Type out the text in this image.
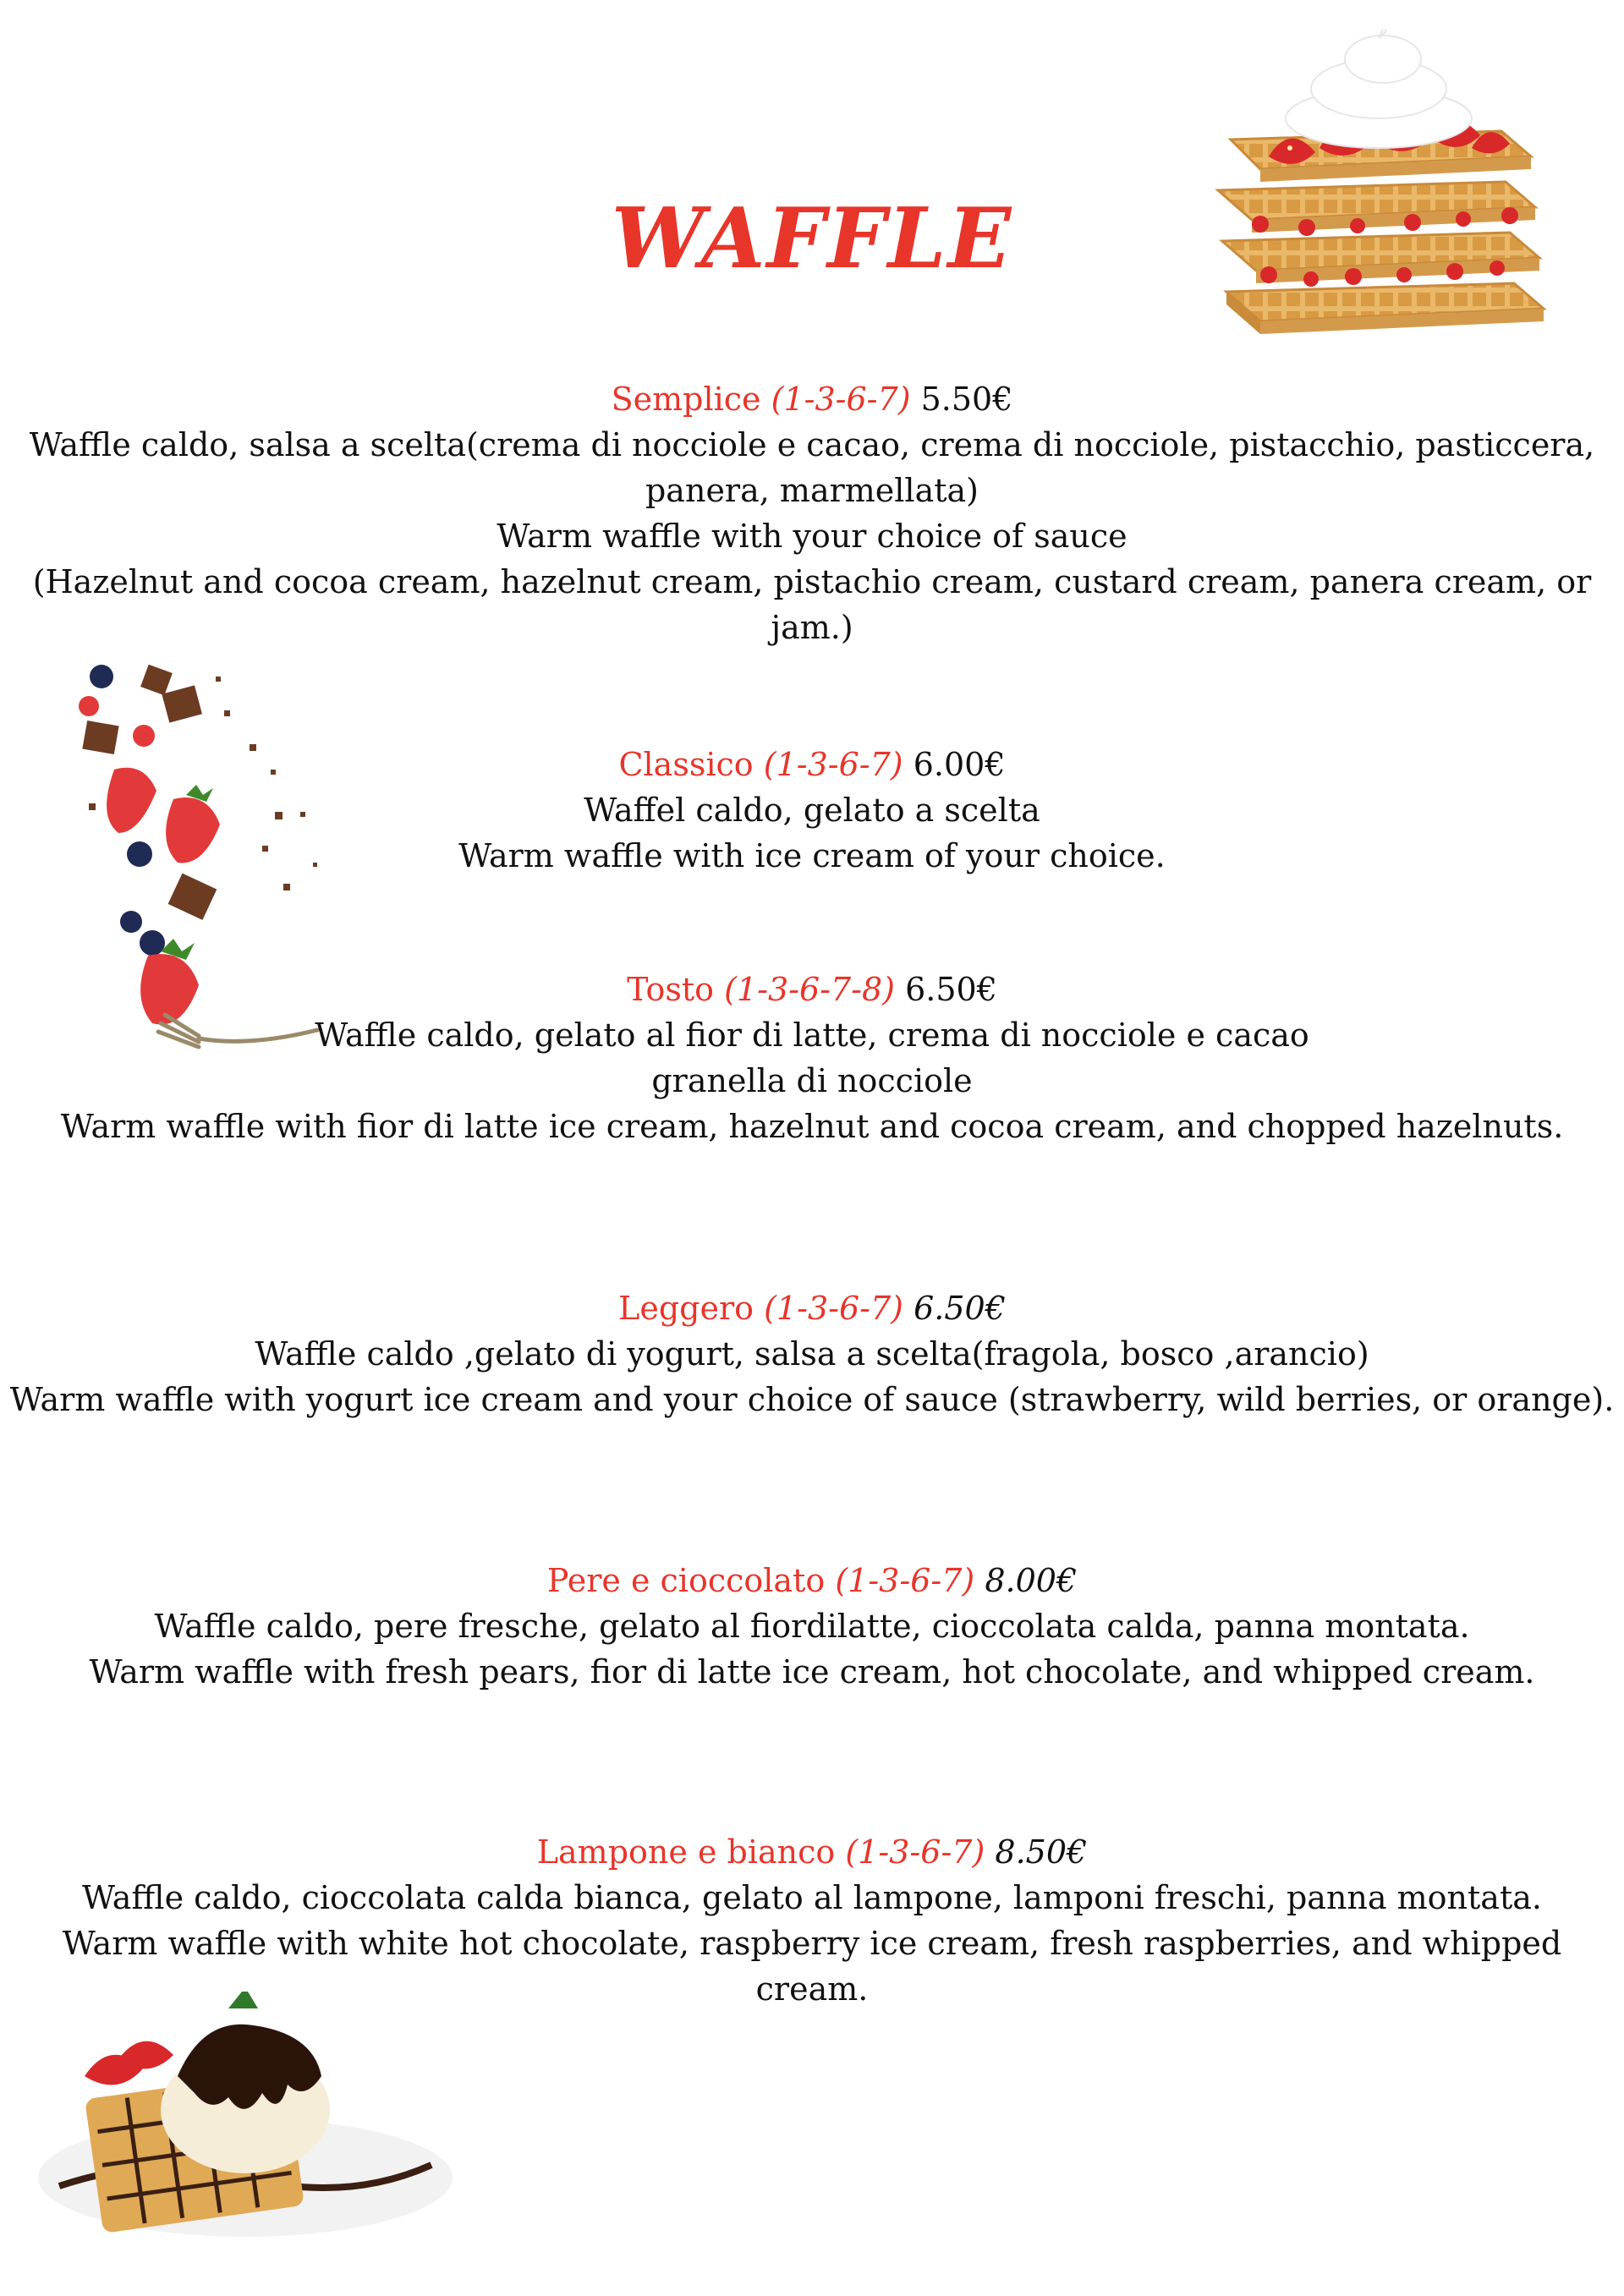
WAFFLE

Semplice (1-3-6-7) 5.50€

Waffle caldo, salsa a scelta(crema di nocciole e cacao, crema di nocciole, pistacchio, pasticcera,

panera, marmellata)

Warm waffle with your choice of sauce

(Hazelnut and cocoa cream, hazelnut cream, pistachio cream, custard cream, panera cream, or

jam.)

Classico (1-3-6-7) 6.00€

Waffel caldo, gelato a scelta

Warm waffle with ice cream of your choice.

Tosto (1-3-6-7-8) 6.50€

Waffle caldo, gelato al fior di latte, crema di nocciole e cacao

granella di nocciole

Warm waffle with fior di latte ice cream, hazelnut and cocoa cream, and chopped hazelnuts.

Leggero (1-3-6-7) 6.50€

Waffle caldo ,gelato di yogurt, salsa a scelta(fragola, bosco ,arancio)

Warm waffle with yogurt ice cream and your choice of sauce (strawberry, wild berries, or orange).

Pere e cioccolato (1-3-6-7) 8.00€

Waffle caldo, pere fresche, gelato al fiordilatte, cioccolata calda, panna montata.

Warm waffle with fresh pears, fior di latte ice cream, hot chocolate, and whipped cream.

Lampone e bianco (1-3-6-7) 8.50€

Waffle caldo, cioccolata calda bianca, gelato al lampone, lamponi freschi, panna montata.

Warm waffle with white hot chocolate, raspberry ice cream, fresh raspberries, and whipped

cream.
